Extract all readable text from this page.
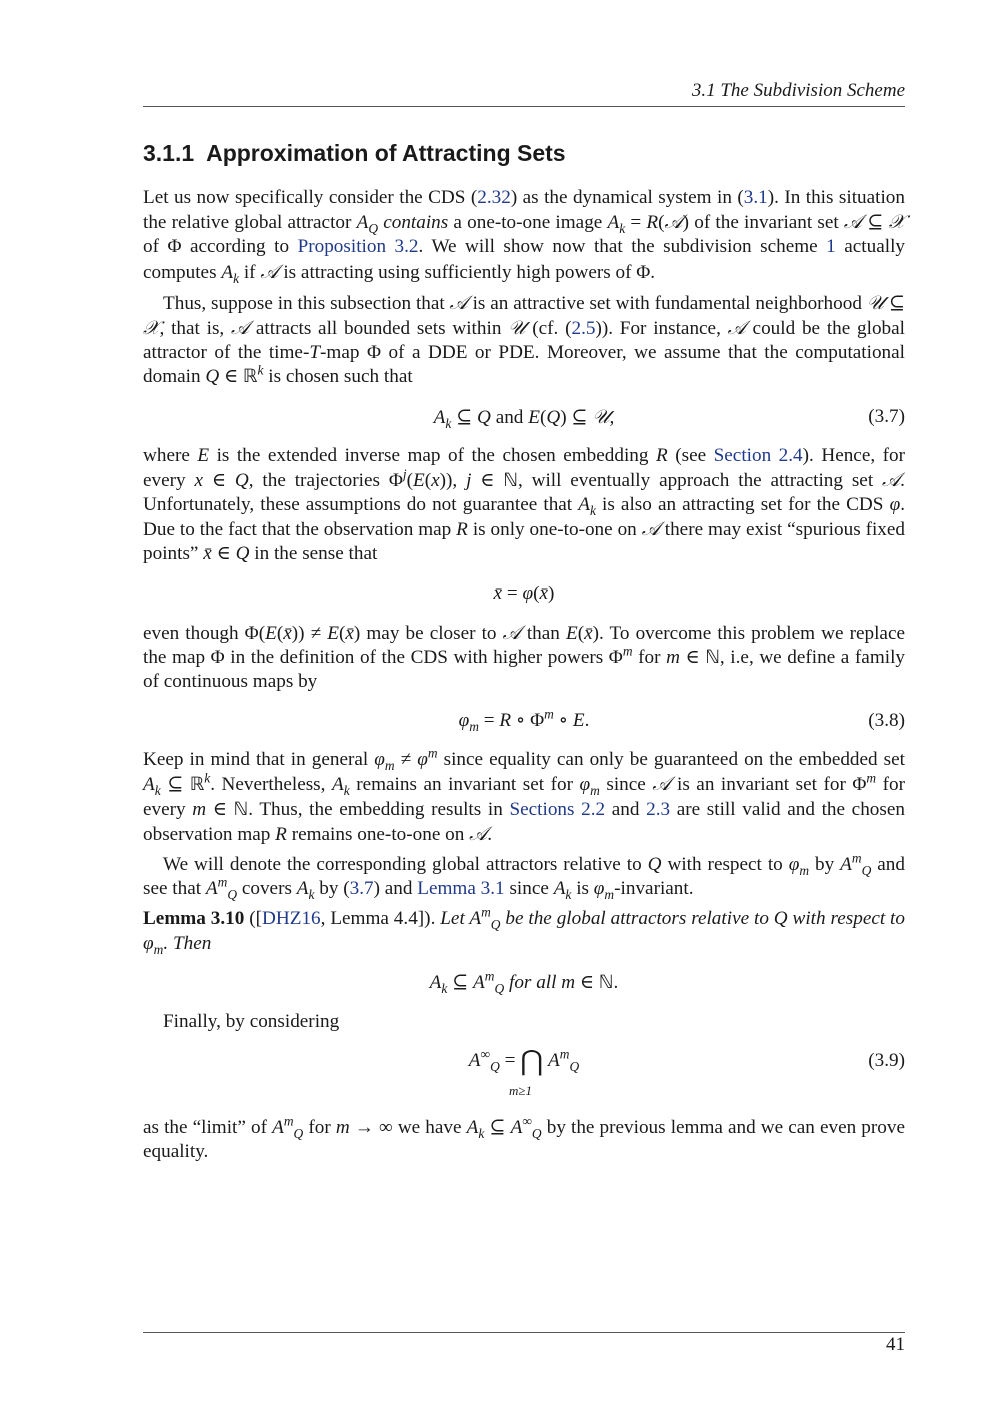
3.1 The Subdivision Scheme
3.1.1 Approximation of Attracting Sets

Let us now specifically consider the CDS (2.32) as the dynamical system in (3.1). In this situation the relative global attractor $A_Q$ contains a one-to-one image $A_k$ = R(𝒜) of the invariant set 𝒜 ⊆ 𝒳 of Φ according to Proposition 3.2. We will show now that the subdivision scheme 1 actually computes $A_k$ if 𝒜 is attracting using sufficiently high powers of Φ.

Thus, suppose in this subsection that 𝒜 is an attractive set with fundamental neighborhood 𝒰 ⊆ 𝒳, that is, 𝒜 attracts all bounded sets within 𝒰 (cf. (2.5)). For instance, 𝒜 could be the global attractor of the time-T-map Φ of a DDE or PDE. Moreover, we assume that the computational domain Q ∈ ℝ$^k$ is chosen such that

$A_k$ ⊆ Q and E(Q) ⊆ 𝒰,	(3.7)

where E is the extended inverse map of the chosen embedding R (see Section 2.4). Hence, for every x ∈ Q, the trajectories $\Phi^j(E(x))$, j ∈ ℕ, will eventually approach the attracting set 𝒜. Unfortunately, these assumptions do not guarantee that $A_k$ is also an attracting set for the CDS φ. Due to the fact that the observation map R is only one-to-one on 𝒜 there may exist “spurious fixed points” x̄ ∈ Q in the sense that

x̄ = φ(x̄)

even though Φ(E(x̄)) ≠ E(x̄) may be closer to 𝒜 than E(x̄). To overcome this problem we replace the map Φ in the definition of the CDS with higher powers $\Phi^m$ for m ∈ ℕ, i.e, we define a family of continuous maps by

$\varphi_m = R$ ∘ $\Phi^m$ ∘ E.	(3.8)

Keep in mind that in general $\varphi_m \ne \varphi^m$ since equality can only be guaranteed on the embedded set $A_k$ ⊆ ℝ$^k$. Nevertheless, $A_k$ remains an invariant set for $\varphi_m$ since 𝒜 is an invariant set for $\Phi^m$ for every m ∈ ℕ. Thus, the embedding results in Sections 2.2 and 2.3 are still valid and the chosen observation map R remains one-to-one on 𝒜.

We will denote the corresponding global attractors relative to Q with respect to $\varphi_m$ by $A^m_Q$ and see that $A^m_Q$ covers $A_k$ by (3.7) and Lemma 3.1 since $A_k$ is $\varphi_m$-invariant.

Lemma 3.10 ([DHZ16, Lemma 4.4]). Let $A^m_Q$ be the global attractors relative to Q with respect to $\varphi_m$. Then

$A_k$ ⊆ $A^m_Q$ for all m ∈ ℕ.

Finally, by considering

$A^\infty_Q$ = ⋂ $A^m_Q$
m≥1
(3.9)

as the “limit” of $A^m_Q$ for m → ∞ we have $A_k$ ⊆ $A^\infty_Q$ by the previous lemma and we can even prove equality.

41
